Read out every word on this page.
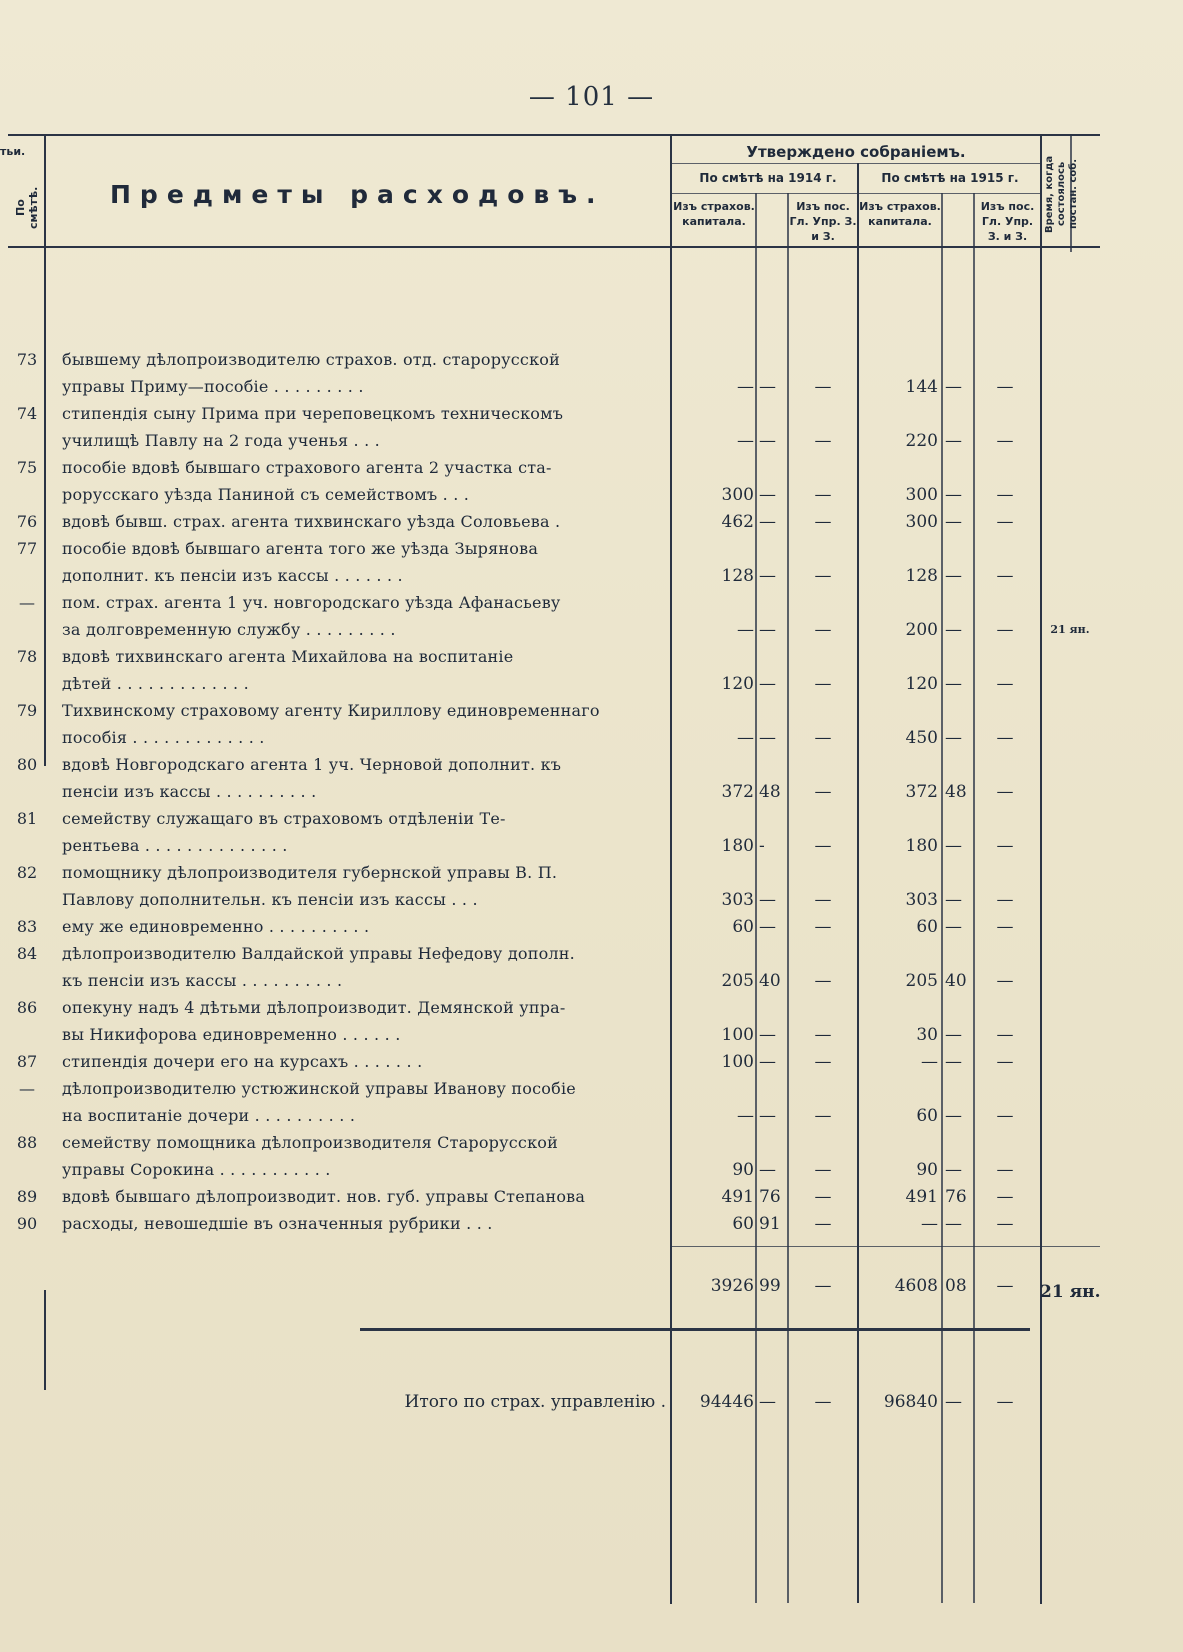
— 101 —
тьи.
По смѣтѣ.	Предметы расходовъ.
Утверждено собраніемъ.
По смѣтѣ на 1914 г.	По смѣтѣ на 1915 г.
Изъ страхов. капитала.
Изъ пос. Гл. Упр. З. и З.
Изъ страхов. капитала.
Изъ пос. Гл. Упр. З. и З.
Время, когда состоялось постан. соб.
73 бывшему дѣлопроизводителю страхов. отд. старорусской
управы Приму—пособіе . . . . . . . . .	— —	—	144 —	—
74 стипендія сыну Прима при череповецкомъ техническомъ
училищѣ Павлу на 2 года ученья . . .	— —	—	220 —	—
75 пособіе вдовѣ бывшаго страхового агента 2 участка ста-
рорусскаго уѣзда Паниной съ семействомъ . . .	300 —	—	300 —	—
76 вдовѣ бывш. страх. агента тихвинскаго уѣзда Соловьева .	462 —	—	300 —	—
77 пособіе вдовѣ бывшаго агента того же уѣзда Зырянова
дополнит. къ пенсіи изъ кассы . . . . . . .	128 —	—	128 —	—
—	пом. страх. агента 1 уч. новгородскаго уѣзда Афанасьеву
за долговременную службу . . . . . . . . .	— —	—	200 —	—	21 ян.
78 вдовѣ тихвинскаго агента Михайлова на воспитаніе
дѣтей . . . . . . . . . . . . .	120 —	—	120 —	—
79 Тихвинскому страховому агенту Кириллову единовременнаго
пособія . . . . . . . . . . . . .	— —	—	450 —	—
80 вдовѣ Новгородскаго агента 1 уч. Черновой дополнит. къ
пенсіи изъ кассы . . . . . . . . . .	372 48	—	372 48	—
81 семейству служащаго въ страховомъ отдѣленіи Те-
рентьева . . . . . . . . . . . . . .	180 -	—	180 —	—
82 помощнику дѣлопроизводителя губернской управы В. П.
Павлову дополнительн. къ пенсіи изъ кассы . . .	303 —	—	303 —	—
83 ему же единовременно . . . . . . . . . .	60 —	—	60 —	—
84 дѣлопроизводителю Валдайской управы Нефедову дополн.
къ пенсіи изъ кассы . . . . . . . . . .	205 40	—	205 40	—
86 опекуну надъ 4 дѣтьми дѣлопроизводит. Демянской упра-
вы Никифорова единовременно . . . . . .	100 —	—	30 —	—
87 стипендія дочери его на курсахъ . . . . . . .	100 —	—	— —	—
—	дѣлопроизводителю устюжинской управы Иванову пособіе
на воспитаніе дочери . . . . . . . . . .	— —	—	60 —	—
88 семейству помощника дѣлопроизводителя Старорусской
управы Сорокина . . . . . . . . . . .	90 —	—	90 —	—
89 вдовѣ бывшаго дѣлопроизводит. нов. губ. управы Степанова	491 76	—	491 76	—
90 расходы, невошедшіе въ означенныя рубрики . . .	60 91	—	— —	—
3926 99	—	4608 08	—	21 ян.
Итого по страх. управленію .	94446 —	—	96840 —	—
